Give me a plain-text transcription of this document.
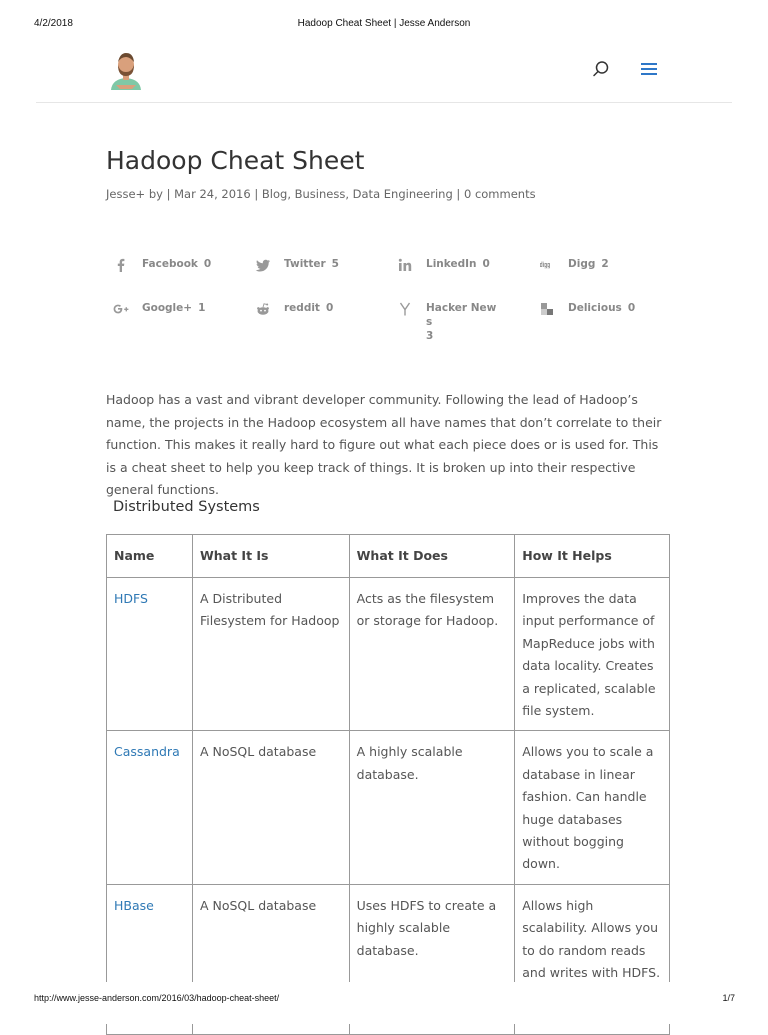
4/2/2018	Hadoop Cheat Sheet | Jesse Anderson
Hadoop Cheat Sheet
Jesse+ by | Mar 24, 2016 | Blog, Business, Data Engineering | 0 comments
Facebook 0	Twitter 5	LinkedIn 0	Digg 2
Google+ 1	reddit 0	Hacker New
s
3
Delicious 0

Hadoop has a vast and vibrant developer community. Following the lead of Hadoop’s name, the projects in the Hadoop ecosystem all have names that don’t correlate to their function. This makes it really hard to figure out what each piece does or is used for. This is a cheat sheet to help you keep track of things. It is broken up into their respective general functions.

Distributed Systems
Name	What It Is	What It Does	How It Helps
HDFS	A Distributed Filesystem for Hadoop	Acts as the filesystem or storage for Hadoop.	Improves the data input performance of MapReduce jobs with data locality. Creates a replicated, scalable file system.
Cassandra	A NoSQL database	A highly scalable database.	Allows you to scale a database in linear fashion. Can handle huge databases without bogging down.
HBase	A NoSQL database	Uses HDFS to create a highly scalable database.	Allows high scalability. Allows you to do random reads and writes with HDFS.

http://www.jesse-anderson.com/2016/03/hadoop-cheat-sheet/	1/7
